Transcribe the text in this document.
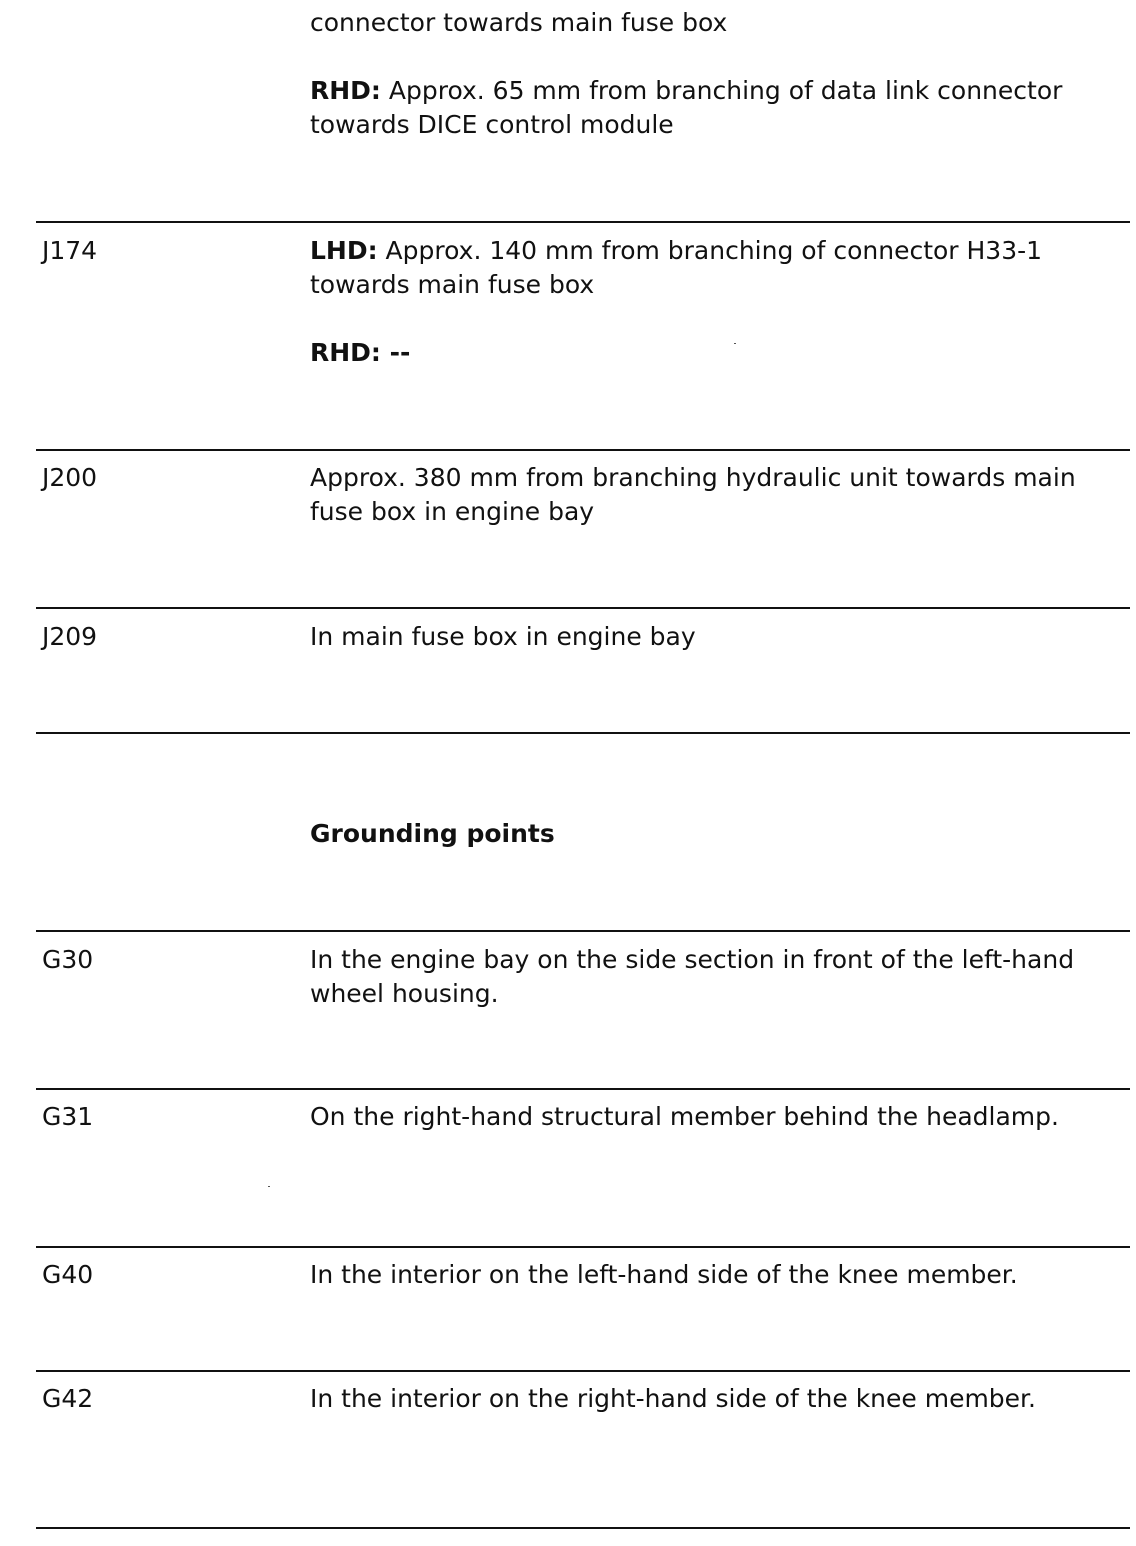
connector towards main fuse box

RHD: Approx. 65 mm from branching of data link connector towards DICE control module

J174	LHD: Approx. 140 mm from branching of connector H33-1 towards main fuse box

RHD: --

J200	Approx. 380 mm from branching hydraulic unit towards main fuse box in engine bay

J209	In main fuse box in engine bay

Grounding points
G30	In the engine bay on the side section in front of the left-hand wheel housing.

G31	On the right-hand structural member behind the headlamp.

G40	In the interior on the left-hand side of the knee member.

G42	In the interior on the right-hand side of the knee member.
